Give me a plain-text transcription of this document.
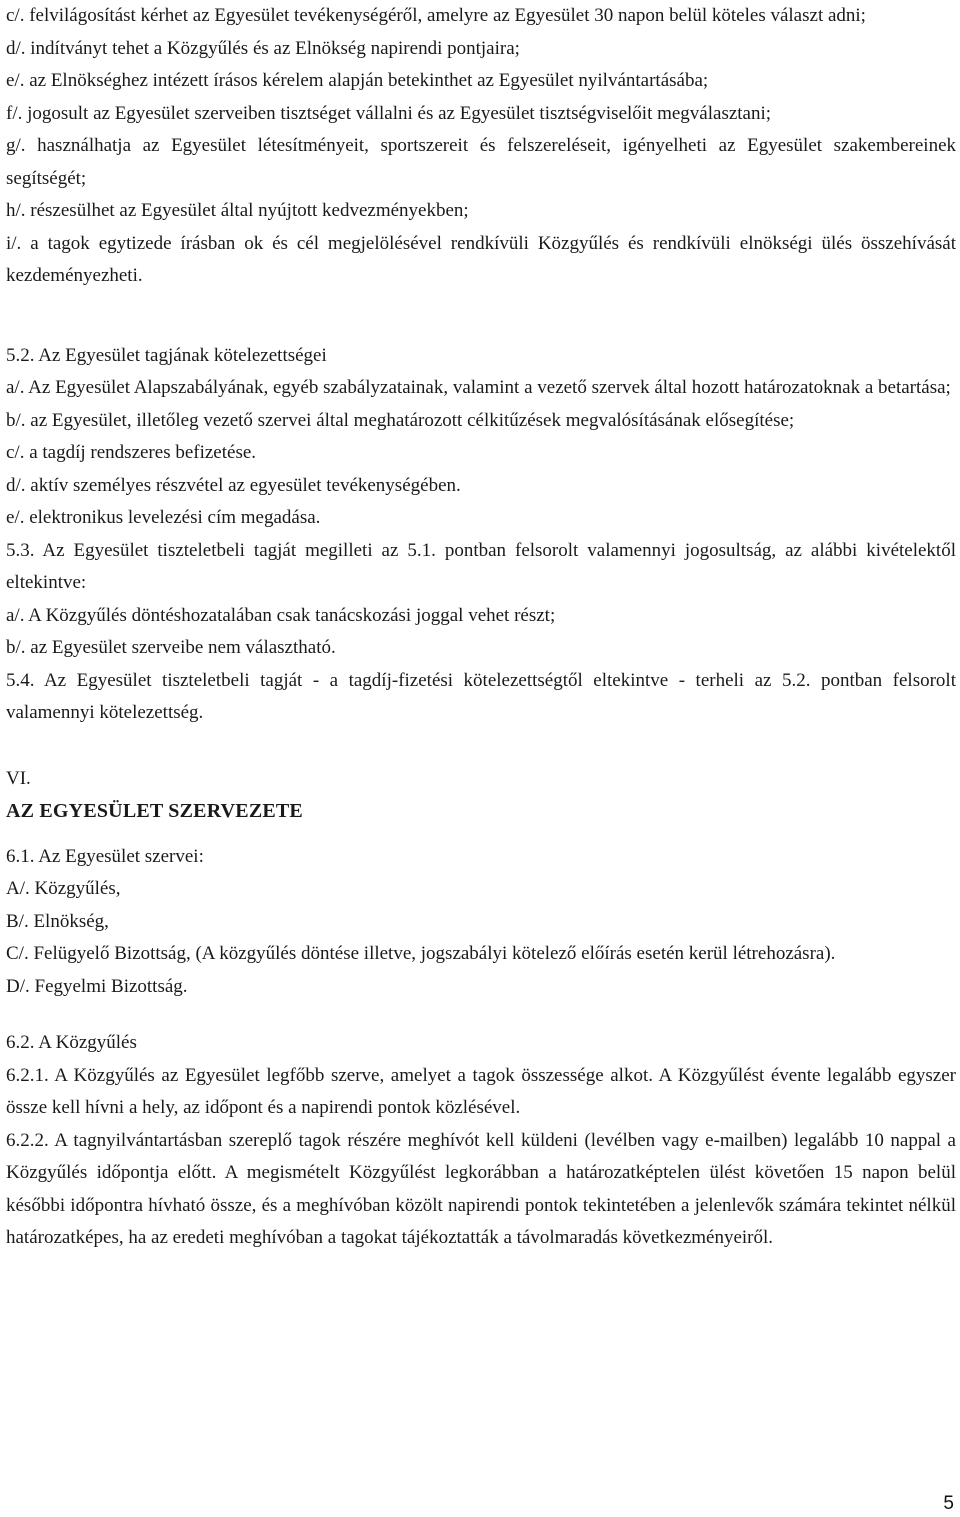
c/. felvilágosítást kérhet az Egyesület tevékenységéről, amelyre az Egyesület 30 napon belül köteles választ adni;

d/. indítványt tehet a Közgyűlés és az Elnökség napirendi pontjaira;

e/. az Elnökséghez intézett írásos kérelem alapján betekinthet az Egyesület nyilvántartásába;

f/. jogosult az Egyesület szerveiben tisztséget vállalni és az Egyesület tisztségviselőit megválasztani;

g/. használhatja az Egyesület létesítményeit, sportszereit és felszereléseit, igényelheti az Egyesület szakembereinek segítségét;

h/. részesülhet az Egyesület által nyújtott kedvezményekben;

i/. a tagok egytizede írásban ok és cél megjelölésével rendkívüli Közgyűlés és rendkívüli elnökségi ülés összehívását kezdeményezheti.

5.2. Az Egyesület tagjának kötelezettségei

a/. Az Egyesület Alapszabályának, egyéb szabályzatainak, valamint a vezető szervek által hozott határozatoknak a betartása;

b/. az Egyesület, illetőleg vezető szervei által meghatározott célkitűzések megvalósításának elősegítése;

c/. a tagdíj rendszeres befizetése.

d/. aktív személyes részvétel az egyesület tevékenységében.

e/. elektronikus levelezési cím megadása.

5.3. Az Egyesület tiszteletbeli tagját megilleti az 5.1. pontban felsorolt valamennyi jogosultság, az alábbi kivételektől eltekintve:

a/. A Közgyűlés döntéshozatalában csak tanácskozási joggal vehet részt;

b/. az Egyesület szerveibe nem választható.

5.4. Az Egyesület tiszteletbeli tagját - a tagdíj-fizetési kötelezettségtől eltekintve - terheli az 5.2. pontban felsorolt valamennyi kötelezettség.

VI.

AZ EGYESÜLET SZERVEZETE

6.1. Az Egyesület szervei:

A/. Közgyűlés,

B/. Elnökség,

C/. Felügyelő Bizottság, (A közgyűlés döntése illetve, jogszabályi kötelező előírás esetén kerül létrehozásra).

D/. Fegyelmi Bizottság.

6.2. A Közgyűlés

6.2.1. A Közgyűlés az Egyesület legfőbb szerve, amelyet a tagok összessége alkot. A Közgyűlést évente legalább egyszer össze kell hívni a hely, az időpont és a napirendi pontok közlésével.

6.2.2. A tagnyilvántartásban szereplő tagok részére meghívót kell küldeni (levélben vagy e-mailben) legalább 10 nappal a Közgyűlés időpontja előtt. A megismételt Közgyűlést legkorábban a határozatképtelen ülést követően 15 napon belül későbbi időpontra hívható össze, és a meghívóban közölt napirendi pontok tekintetében a jelenlevők számára tekintet nélkül határozatképes, ha az eredeti meghívóban a tagokat tájékoztatták a távolmaradás következményeiről.

5
